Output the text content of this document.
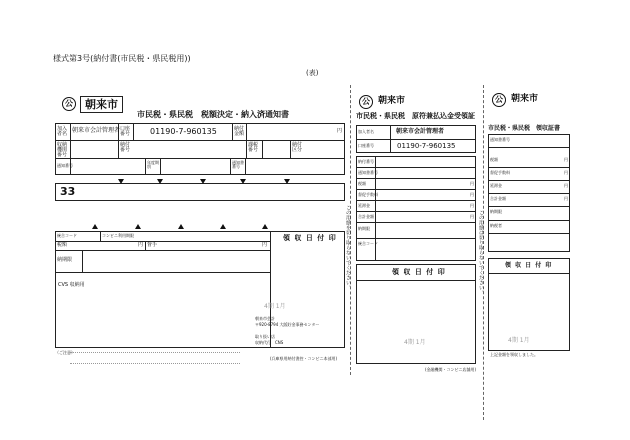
様式第3号(納付書(市民税・県民税用))
(表)
公	朝来市
市民税・県民税　税額決定・納入済通知書
加入者名 朝来市会計管理者 口座番号 01190-7-960135	納付金額	円
収納機関番号
納付番号
課税番号
納付区分
通知番号
年度期別
通知書番号
33
統合コード	コンビニ利用期限
税額	円 督手	円
納期限
領 収 日 付 印
CVS 収納用
4期 1月
朝来市会計
〒920-8794 大阪貯金事務センター
取り扱い店
収納代行　CNS
（ご注意）
(兵庫県用納付書控・コンビニ本部用)
公 朝来市
市民税・県民税　原符兼払込金受領証
加入者名	朝来市会計管理者
口座番号	01190-7-960135
納付番号
通知書番号
税額	円
督促手数料	円
延滞金	円
合計金額	円
納期限
統合コード
この用紙を切り取らないでください。	領 収 日 付 印
4期 1月
(金融機関・コンビニ店舗用)
公 朝来市
市民税・県民税　領収証書
通知書番号
税額	円
督促手数料	円
延滞金	円
合計金額	円
納期限
納税者
この用紙は切り取らないでください。	領 収 日 付 印
4期 1月
上記金額を領収しました。
